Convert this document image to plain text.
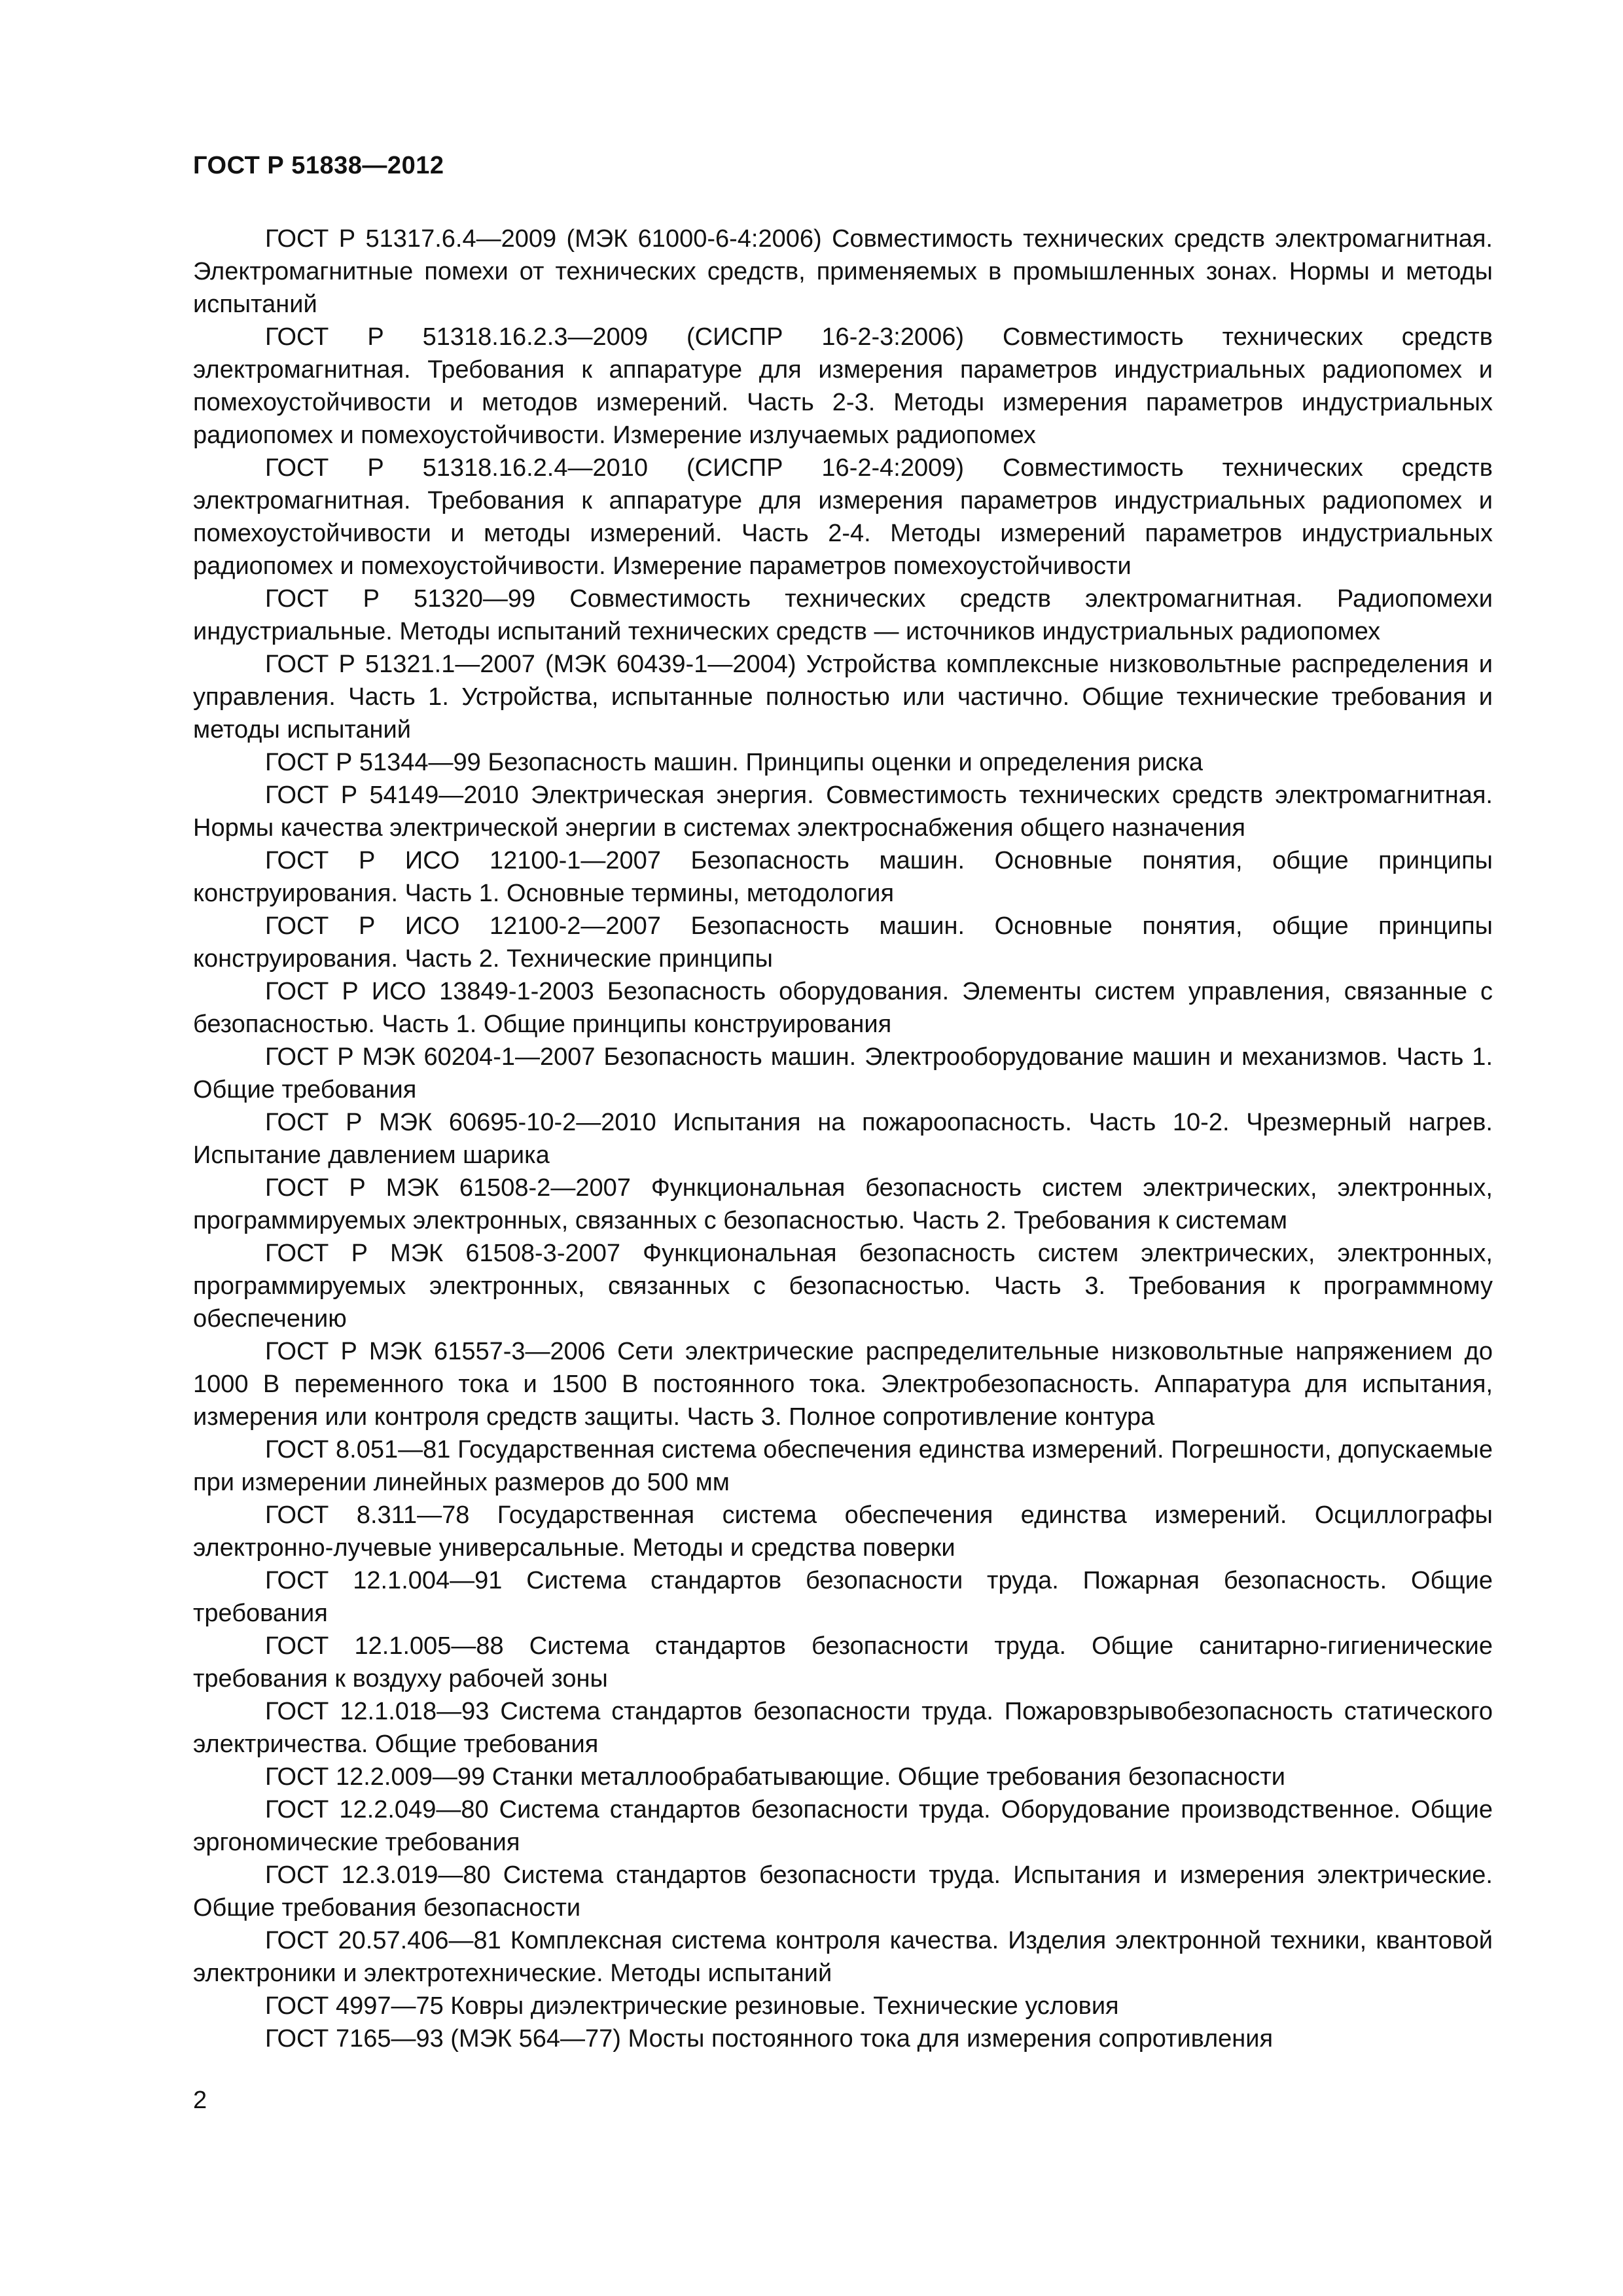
ГОСТ Р 51838—2012

ГОСТ Р 51317.6.4—2009 (МЭК 61000-6-4:2006) Совместимость технических средств электромагнитная. Электромагнитные помехи от технических средств, применяемых в промышленных зонах. Нормы и методы испытаний

ГОСТ Р 51318.16.2.3—2009 (СИСПР 16-2-3:2006) Совместимость технических средств электромагнитная. Требования к аппаратуре для измерения параметров индустриальных радиопомех и помехоустойчивости и методов измерений. Часть 2-3. Методы измерения параметров индустриальных радиопомех и помехоустойчивости. Измерение излучаемых радиопомех

ГОСТ Р 51318.16.2.4—2010 (СИСПР 16-2-4:2009) Совместимость технических средств электромагнитная. Требования к аппаратуре для измерения параметров индустриальных радиопомех и помехоустойчивости и методы измерений. Часть 2-4. Методы измерений параметров индустриальных радиопомех и помехоустойчивости. Измерение параметров помехоустойчивости

ГОСТ Р 51320—99 Совместимость технических средств электромагнитная. Радиопомехи индустриальные. Методы испытаний технических средств — источников индустриальных радиопомех

ГОСТ Р 51321.1—2007 (МЭК 60439-1—2004) Устройства комплексные низковольтные распределения и управления. Часть 1. Устройства, испытанные полностью или частично. Общие технические требования и методы испытаний

ГОСТ Р 51344—99 Безопасность машин. Принципы оценки и определения риска

ГОСТ Р 54149—2010 Электрическая энергия. Совместимость технических средств электромагнитная. Нормы качества электрической энергии в системах электроснабжения общего назначения

ГОСТ Р ИСО 12100-1—2007 Безопасность машин. Основные понятия, общие принципы конструирования. Часть 1. Основные термины, методология

ГОСТ Р ИСО 12100-2—2007 Безопасность машин. Основные понятия, общие принципы конструирования. Часть 2. Технические принципы

ГОСТ Р ИСО 13849-1-2003 Безопасность оборудования. Элементы систем управления, связанные с безопасностью. Часть 1. Общие принципы конструирования

ГОСТ Р МЭК 60204-1—2007 Безопасность машин. Электрооборудование машин и механизмов. Часть 1. Общие требования

ГОСТ Р МЭК 60695-10-2—2010 Испытания на пожароопасность. Часть 10-2. Чрезмерный нагрев. Испытание давлением шарика

ГОСТ Р МЭК 61508-2—2007 Функциональная безопасность систем электрических, электронных, программируемых электронных, связанных с безопасностью. Часть 2. Требования к системам

ГОСТ Р МЭК 61508-3-2007 Функциональная безопасность систем электрических, электронных, программируемых электронных, связанных с безопасностью. Часть 3. Требования к программному обеспечению

ГОСТ Р МЭК 61557-3—2006 Сети электрические распределительные низковольтные напряжением до 1000 В переменного тока и 1500 В постоянного тока. Электробезопасность. Аппаратура для испытания, измерения или контроля средств защиты. Часть 3. Полное сопротивление контура

ГОСТ 8.051—81 Государственная система обеспечения единства измерений. Погрешности, допускаемые при измерении линейных размеров до 500 мм

ГОСТ 8.311—78 Государственная система обеспечения единства измерений. Осциллографы электронно-лучевые универсальные. Методы и средства поверки

ГОСТ 12.1.004—91 Система стандартов безопасности труда. Пожарная безопасность. Общие требования

ГОСТ 12.1.005—88 Система стандартов безопасности труда. Общие санитарно-гигиенические требования к воздуху рабочей зоны

ГОСТ 12.1.018—93 Система стандартов безопасности труда. Пожаровзрывобезопасность статического электричества. Общие требования

ГОСТ 12.2.009—99 Станки металлообрабатывающие. Общие требования безопасности

ГОСТ 12.2.049—80 Система стандартов безопасности труда. Оборудование производственное. Общие эргономические требования

ГОСТ 12.3.019—80 Система стандартов безопасности труда. Испытания и измерения электрические. Общие требования безопасности

ГОСТ 20.57.406—81 Комплексная система контроля качества. Изделия электронной техники, квантовой электроники и электротехнические. Методы испытаний

ГОСТ 4997—75 Ковры диэлектрические резиновые. Технические условия

ГОСТ 7165—93 (МЭК 564—77) Мосты постоянного тока для измерения сопротивления

2
